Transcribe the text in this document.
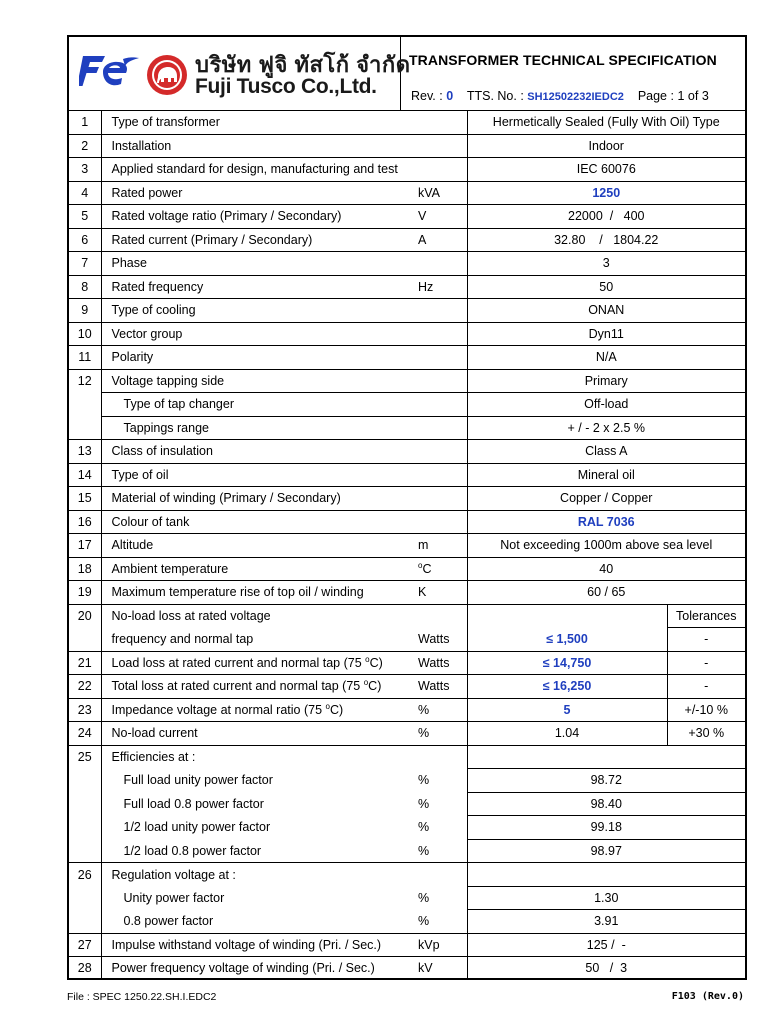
บริษัท ฟูจิ ทัสโก้ จำกัด
Fuji Tusco Co.,Ltd.
TRANSFORMER TECHNICAL SPECIFICATION
Rev. : 0 TTS. No. : SH12502232IEDC2 Page : 1 of 3
1	Type of transformer		Hermetically Sealed (Fully With Oil) Type	
2	Installation		Indoor	
3	Applied standard for design, manufacturing and test		IEC 60076	
4	Rated power	kVA	1250	
5	Rated voltage ratio (Primary / Secondary)	V	22000 / 400	
6	Rated current (Primary / Secondary)	A	32.80 / 1804.22	
7	Phase		3	
8	Rated frequency	Hz	50	
9	Type of cooling		ONAN	
10	Vector group		Dyn11	
11	Polarity		N/A	
12	Voltage tapping side		Primary	
	Type of tap changer		Off-load	
	Tappings range		+ / - 2 x 2.5 %	
13	Class of insulation		Class A	
14	Type of oil		Mineral oil	
15	Material of winding (Primary / Secondary)		Copper / Copper	
16	Colour of tank		RAL 7036	
17	Altitude	m	Not exceeding 1000m above sea level	
18	Ambient temperature	$^o$C	40	
19	Maximum temperature rise of top oil / winding	K	60 / 65	
20	No-load loss at rated voltage			Tolerances
	frequency and normal tap	Watts	≤ 1,500	-
21	Load loss at rated current and normal tap (75 $^o$C)	Watts	≤ 14,750	-
22	Total loss at rated current and normal tap (75 $^o$C)	Watts	≤ 16,250	-
23	Impedance voltage at normal ratio (75 $^o$C)	%	5	+/-10 %
24	No-load current	%	1.04	+30 %
25	Efficiencies at :			
	Full load unity power factor	%	98.72	
	Full load 0.8 power factor	%	98.40	
	1/2 load unity power factor	%	99.18	
	1/2 load 0.8 power factor	%	98.97	
26	Regulation voltage at :			
	Unity power factor	%	1.30	
	0.8 power factor	%	3.91	
27	Impulse withstand voltage of winding (Pri. / Sec.)	kVp	125 / -	
28	Power frequency voltage of winding (Pri. / Sec.)	kV	50 / 3	
File : SPEC 1250.22.SH.I.EDC2	F103 (Rev.0)
